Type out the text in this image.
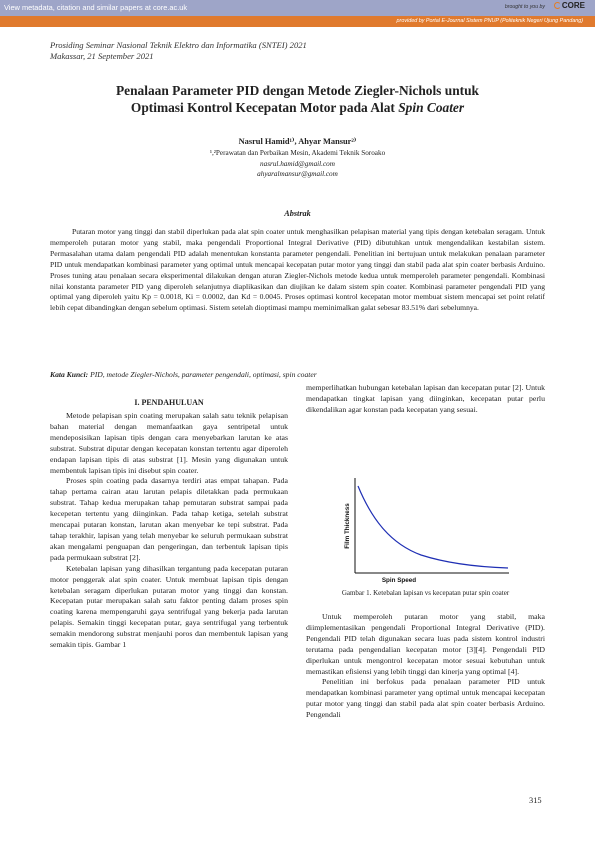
View metadata, citation and similar papers at core.ac.uk	brought to you by	CORE
provided by Portal E-Journal Sistem PNUP (Politeknik Negeri Ujung Pandang)
Prosiding Seminar Nasional Teknik Elektro dan Informatika (SNTEI) 2021
Makassar, 21 September 2021
Penalaan Parameter PID dengan Metode Ziegler-Nichols untuk
Optimasi Kontrol Kecepatan Motor pada Alat Spin Coater
Nasrul Hamid¹⁾, Ahyar Mansur²⁾
¹,²Perawatan dan Perbaikan Mesin, Akademi Teknik Soroako
nasrul.hamid@gmail.com
ahyaralmansur@gmail.com
Abstrak
Putaran motor yang tinggi dan stabil diperlukan pada alat spin coater untuk menghasilkan pelapisan material yang tipis dengan ketebalan seragam. Untuk memperoleh putaran motor yang stabil, maka pengendali Proportional Integral Derivative (PID) dibutuhkan untuk mengendalikan kestabilan sistem. Permasalahan utama dalam pengendali PID adalah menentukan konstanta parameter pengendali. Penelitian ini bertujuan untuk melakukan penalaan parameter PID untuk mendapatkan kombinasi parameter yang optimal untuk mencapai kecepatan putar motor yang tinggi dan stabil pada alat spin coater berbasis Arduino. Proses tuning atau penalaan secara eksperimental dilakukan dengan aturan Ziegler-Nichols metode kedua untuk memperoleh parameter pengendali. Kombinasi nilai konstanta parameter PID yang diperoleh selanjutnya diaplikasikan dan diujikan ke dalam sistem spin coater. Kombinasi parameter pengendali PID yang optimal yang diperoleh yaitu Kp = 0.0018, Ki = 0.0002, dan Kd = 0.0045. Proses optimasi kontrol kecepatan motor membuat sistem mencapai set point relatif lebih cepat dibandingkan dengan sebelum optimasi. Sistem setelah dioptimasi mampu meminimalkan galat sebesar 83.51% dari sebelumnya.
Kata Kunci: PID, metode Ziegler-Nichols, parameter pengendali, optimasi, spin coater
I. PENDAHULUAN

Metode pelapisan spin coating merupakan salah satu teknik pelapisan bahan material dengan memanfaatkan gaya sentripetal untuk mendeposisikan lapisan tipis dengan cara menyebarkan larutan ke atas substrat. Substrat diputar dengan kecepatan konstan tertentu agar diperoleh endapan lapisan tipis di atas substrat [1]. Mesin yang digunakan untuk membentuk lapisan tipis ini disebut spin coater.

Proses spin coating pada dasarnya terdiri atas empat tahapan. Pada tahap pertama cairan atau larutan pelapis diletakkan pada permukaan substrat. Tahap kedua merupakan tahap pemutaran substrat sampai pada kecepetan tertentu yang diinginkan. Pada tahap ketiga, setelah substrat mencapai putaran konstan, larutan akan menyebar ke tepi substrat. Pada tahap terakhir, lapisan yang telah menyebar ke seluruh permukaan substrat akan mengalami penguapan dan pengeringan, dan terbentuk lapisan tipis pada permukaan substrat [2].

Ketebalan lapisan yang dihasilkan tergantung pada kecepatan putaran motor penggerak alat spin coater. Untuk membuat lapisan tipis dengan ketebalan seragam diperlukan putaran motor yang tinggi dan konstan. Kecepatan putar merupakan salah satu faktor penting dalam proses spin coating karena mempengaruhi gaya sentrifugal yang bekerja pada larutan pelapis. Semakin tinggi kecepatan putar, gaya sentrifugal yang terbentuk semakin mendorong substrat menjauhi poros dan membentuk lapisan yang semakin tipis. Gambar 1

memperlihatkan hubungan ketebalan lapisan dan kecepatan putar [2]. Untuk mendapatkan tingkat lapisan yang diinginkan, kecepatan putar perlu dikendalikan agar konstan pada kecepatan yang sesuai.

Film Thickness
Spin Speed
Gambar 1. Ketebalan lapisan vs kecepatan putar spin coater

Untuk memperoleh putaran motor yang stabil, maka diimplementasikan pengendali Proportional Integral Derivative (PID). Pengendali PID telah digunakan secara luas pada sistem kontrol industri terutama pada pengendalian kecepatan motor [3][4]. Pengendali PID diperlukan untuk mengontrol kecepatan motor sesuai kebutuhan untuk memastikan efisiensi yang lebih tinggi dan kinerja yang optimal [4].

Penelitian ini berfokus pada penalaan parameter PID untuk mendapatkan kombinasi parameter yang optimal untuk mencapai kecepatan putar motor yang tinggi dan stabil pada alat spin coater berbasis Arduino. Pengendali

315
